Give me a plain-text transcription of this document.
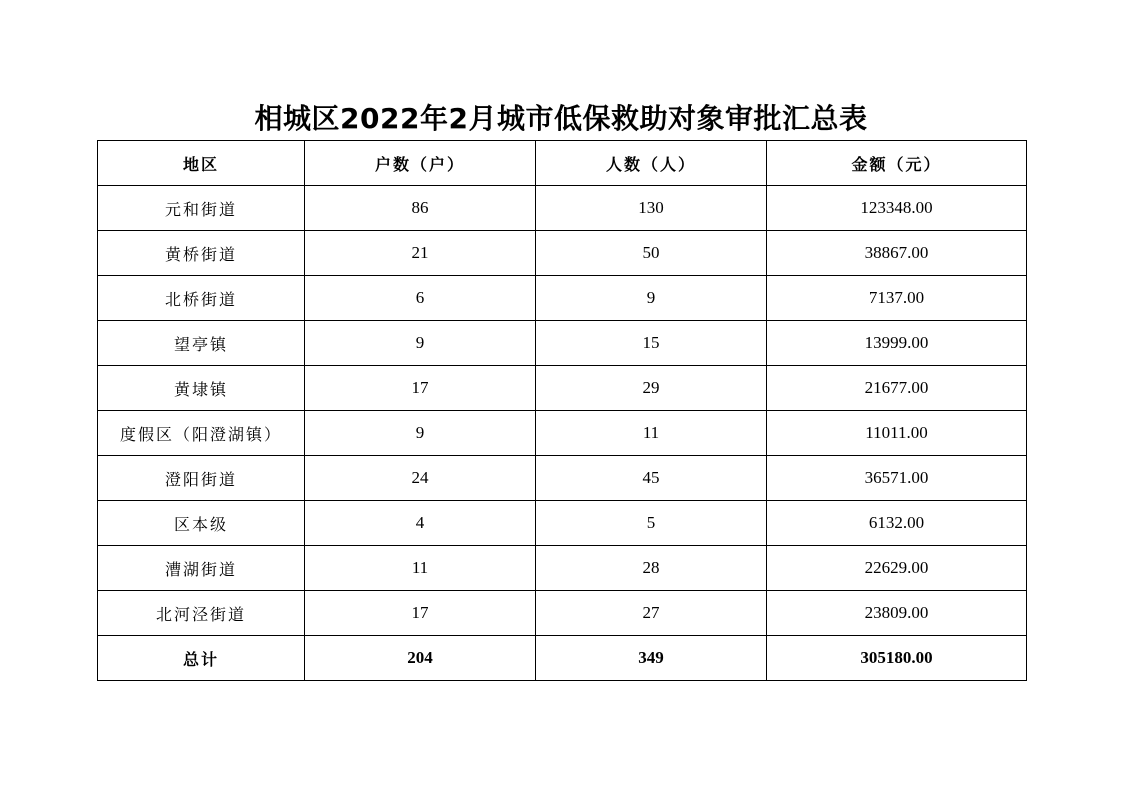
相城区2022年2月城市低保救助对象审批汇总表
地区	户数（户）	人数（人）	金额（元）
元和街道	86	130	123348.00
黄桥街道	21	50	38867.00
北桥街道	6	9	7137.00
望亭镇	9	15	13999.00
黄埭镇	17	29	21677.00
度假区（阳澄湖镇）	9	11	11011.00
澄阳街道	24	45	36571.00
区本级	4	5	6132.00
漕湖街道	11	28	22629.00
北河泾街道	17	27	23809.00
总计	204	349	305180.00
